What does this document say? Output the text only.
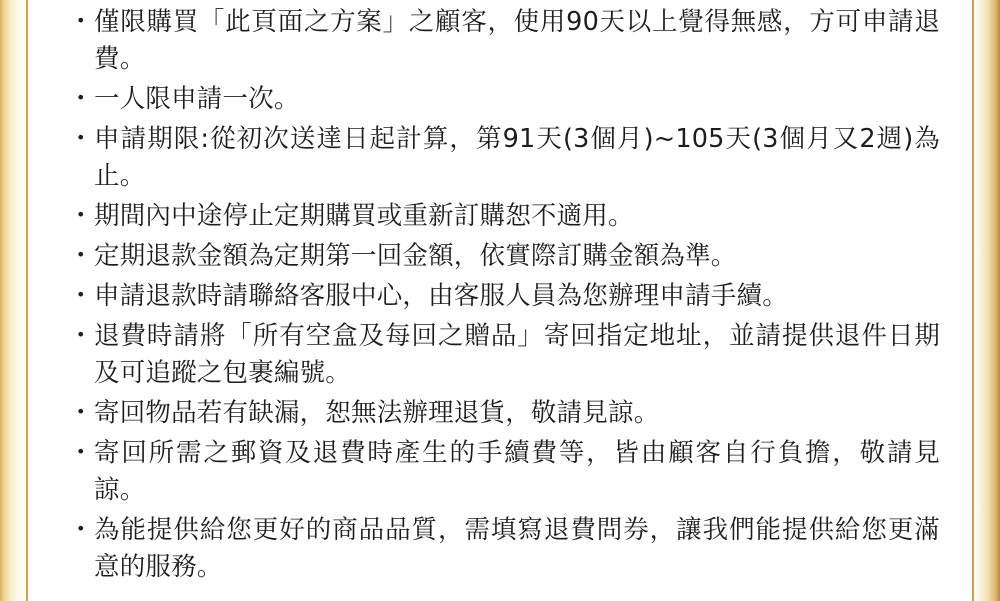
・ 僅限購買「此頁面之方案」之顧客，使用90天以上覺得無感，方可申請退費。
・ 一人限申請一次。
・ 申請期限:從初次送達日起計算，第91天(3個月)~105天(3個月又2週)為止。
・ 期間內中途停止定期購買或重新訂購恕不適用。
・ 定期退款金額為定期第一回金額，依實際訂購金額為準。
・ 申請退款時請聯絡客服中心，由客服人員為您辦理申請手續。
・ 退費時請將「所有空盒及每回之贈品」寄回指定地址，並請提供退件日期及可追蹤之包裹編號。
・ 寄回物品若有缺漏，恕無法辦理退貨，敬請見諒。
・ 寄回所需之郵資及退費時產生的手續費等，皆由顧客自行負擔，敬請見諒。
・ 為能提供給您更好的商品品質，需填寫退費問券，讓我們能提供給您更滿意的服務。
